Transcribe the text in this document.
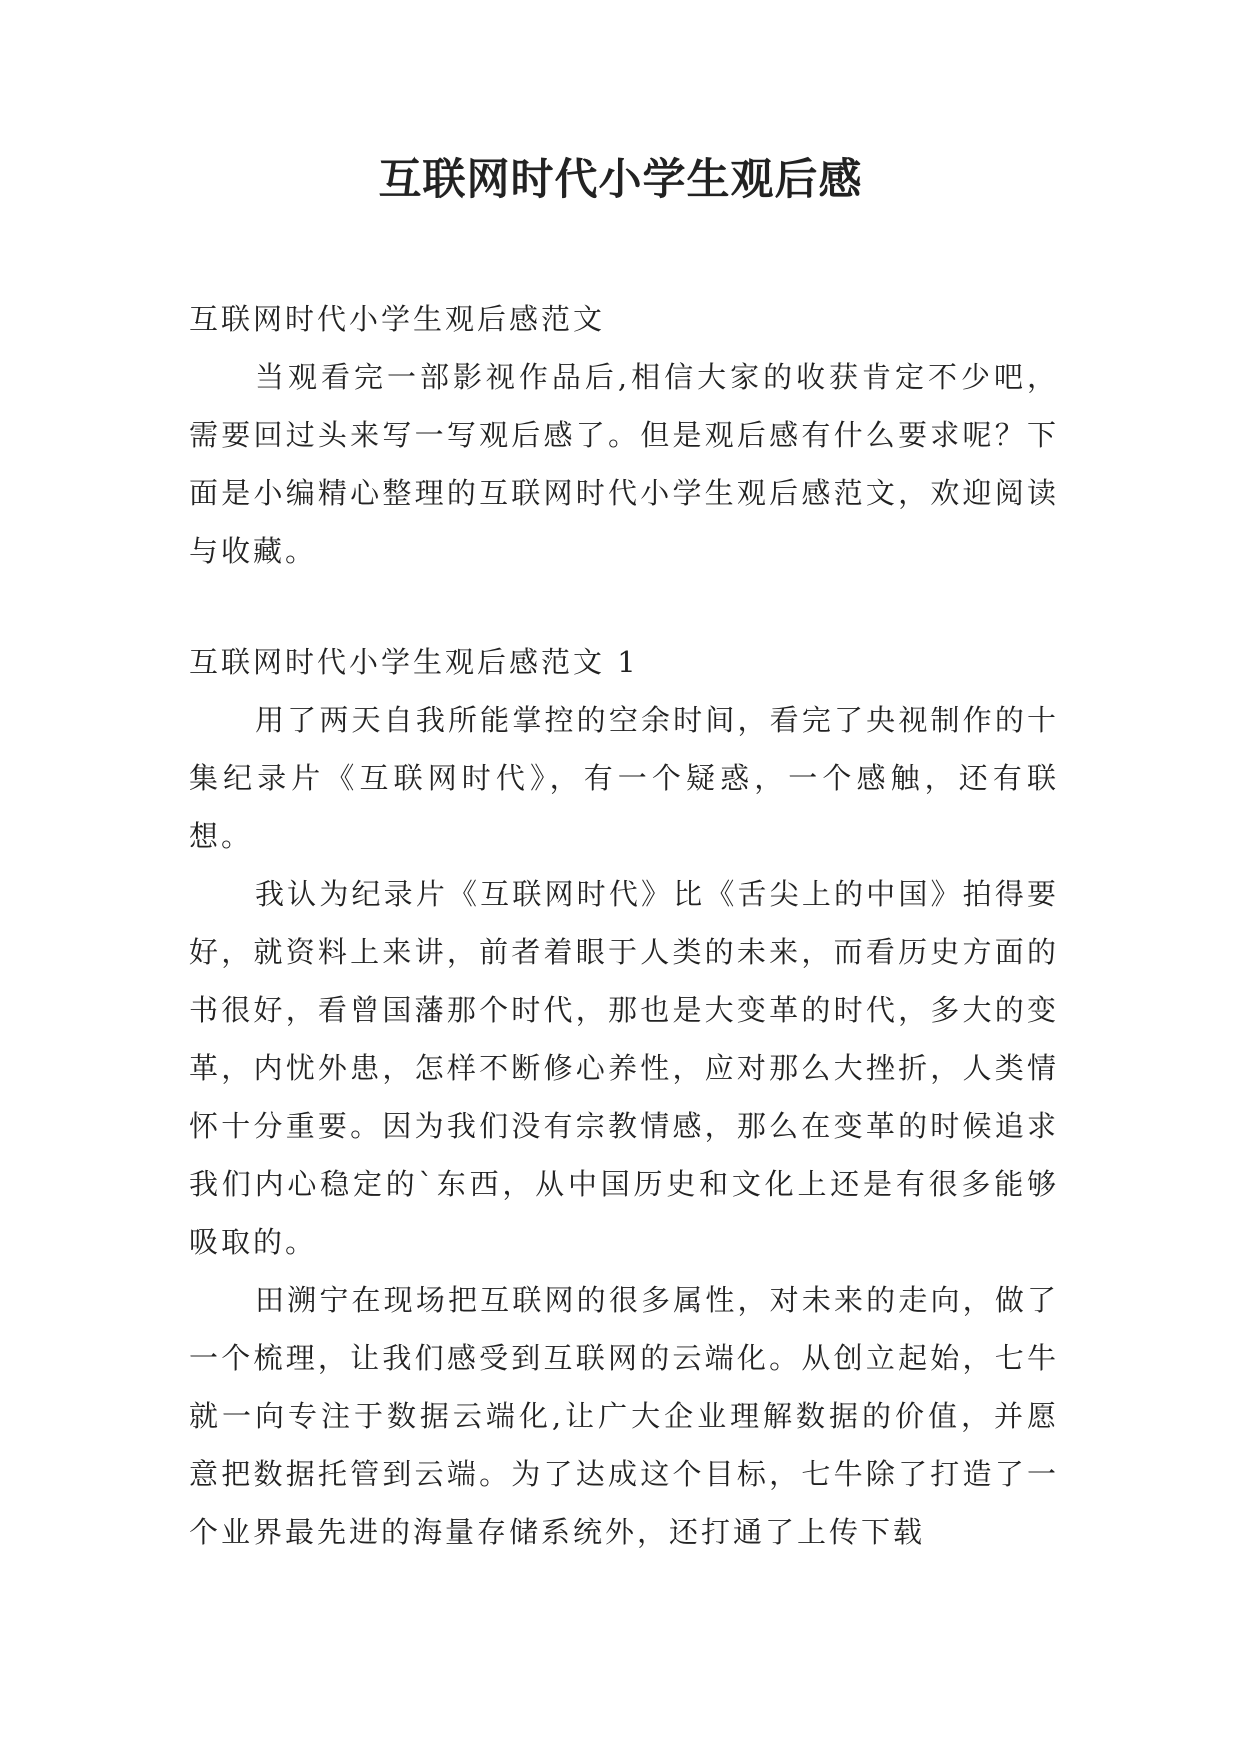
互联网时代小学生观后感

互联网时代小学生观后感范文

当观看完一部影视作品后,相信大家的收获肯定不少吧，需要回过头来写一写观后感了。但是观后感有什么要求呢？下面是小编精心整理的互联网时代小学生观后感范文，欢迎阅读与收藏。

互联网时代小学生观后感范文 1

用了两天自我所能掌控的空余时间，看完了央视制作的十集纪录片《互联网时代》，有一个疑惑，一个感触，还有联想。

我认为纪录片《互联网时代》比《舌尖上的中国》拍得要好，就资料上来讲，前者着眼于人类的未来，而看历史方面的书很好，看曾国藩那个时代，那也是大变革的时代，多大的变革，内忧外患，怎样不断修心养性，应对那么大挫折，人类情怀十分重要。因为我们没有宗教情感，那么在变革的时候追求我们内心稳定的`东西，从中国历史和文化上还是有很多能够吸取的。

田溯宁在现场把互联网的很多属性，对未来的走向，做了一个梳理，让我们感受到互联网的云端化。从创立起始，七牛就一向专注于数据云端化,让广大企业理解数据的价值，并愿意把数据托管到云端。为了达成这个目标，七牛除了打造了一个业界最先进的海量存储系统外，还打通了上传下载
